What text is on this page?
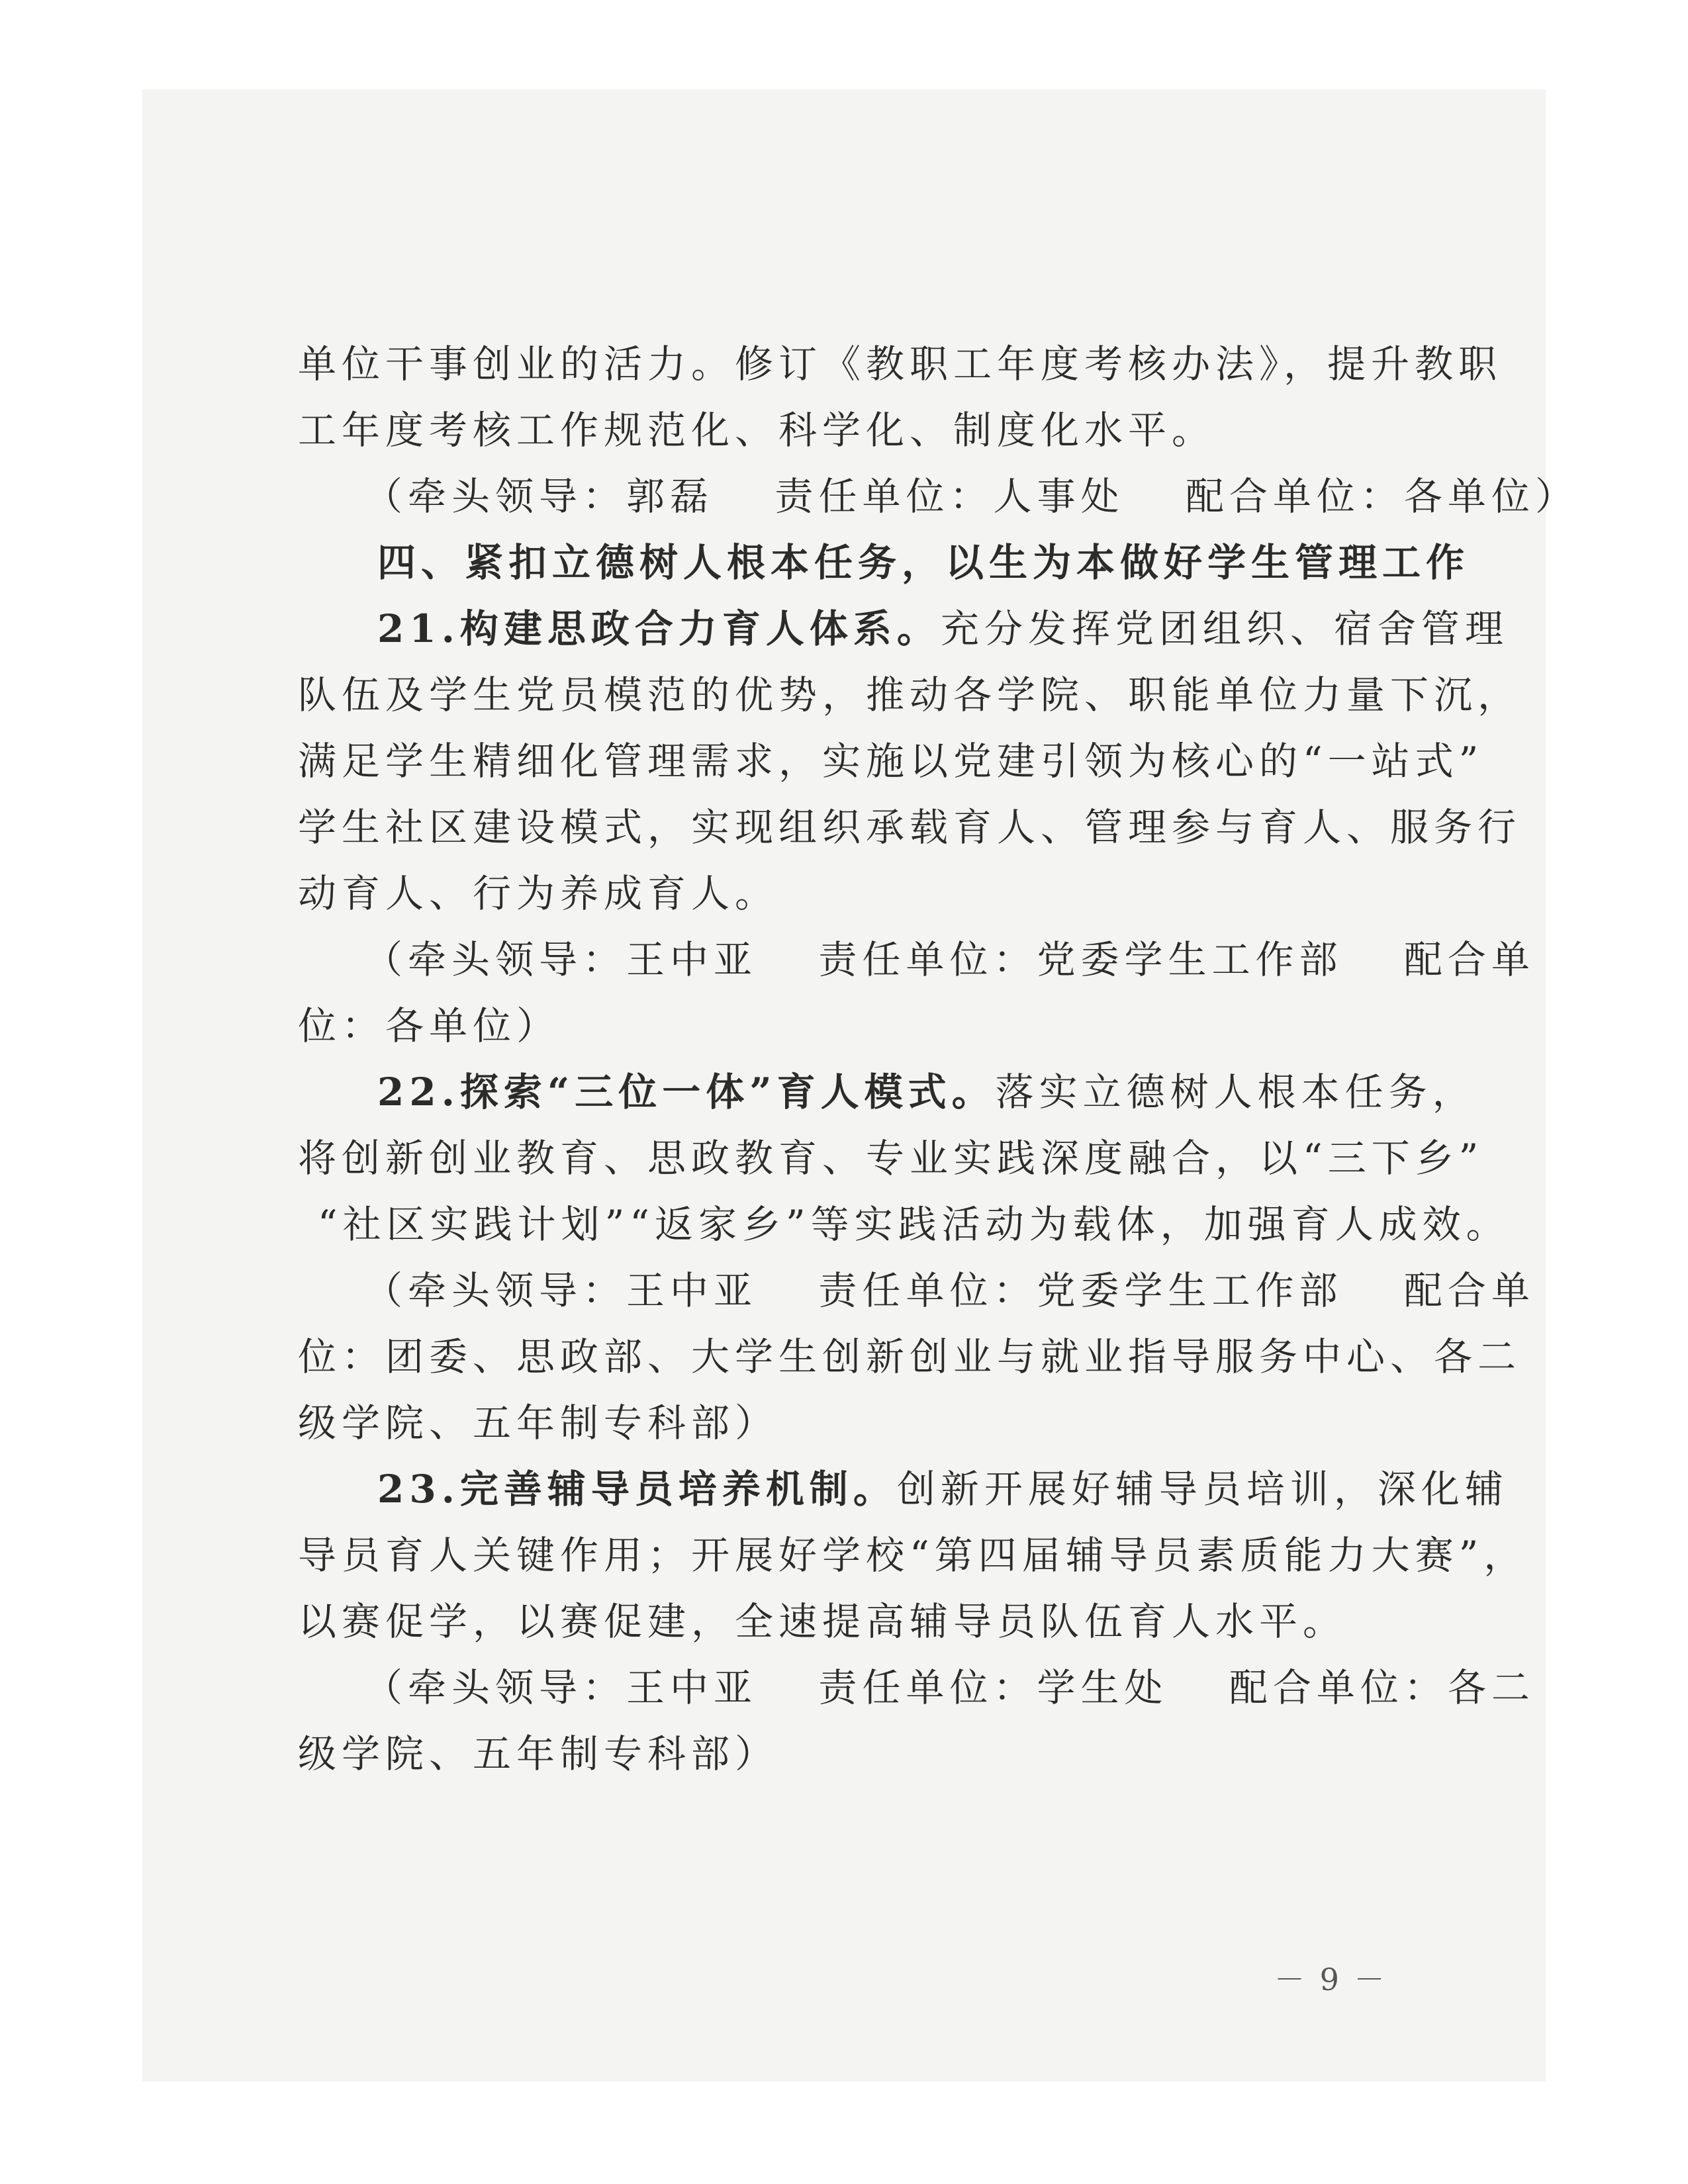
单位干事创业的活力。修订《教职工年度考核办法》，提升教职
工年度考核工作规范化、科学化、制度化水平。
（牵头领导：郭磊　 责任单位：人事处　 配合单位：各单位）
四、紧扣立德树人根本任务，以生为本做好学生管理工作
21.构建思政合力育人体系。充分发挥党团组织、宿舍管理
队伍及学生党员模范的优势，推动各学院、职能单位力量下沉，
满足学生精细化管理需求，实施以党建引领为核心的“一站式”
学生社区建设模式，实现组织承载育人、管理参与育人、服务行
动育人、行为养成育人。
（牵头领导：王中亚　 责任单位：党委学生工作部　 配合单
位：各单位）
22.探索“三位一体”育人模式。落实立德树人根本任务，
将创新创业教育、思政教育、专业实践深度融合，以“三下乡”
“社区实践计划”“返家乡”等实践活动为载体，加强育人成效。
（牵头领导：王中亚　 责任单位：党委学生工作部　 配合单
位：团委、思政部、大学生创新创业与就业指导服务中心、各二
级学院、五年制专科部）
23.完善辅导员培养机制。创新开展好辅导员培训，深化辅
导员育人关键作用；开展好学校“第四届辅导员素质能力大赛”，
以赛促学，以赛促建，全速提高辅导员队伍育人水平。
（牵头领导：王中亚　 责任单位：学生处　 配合单位：各二
级学院、五年制专科部）
－ 9 －
